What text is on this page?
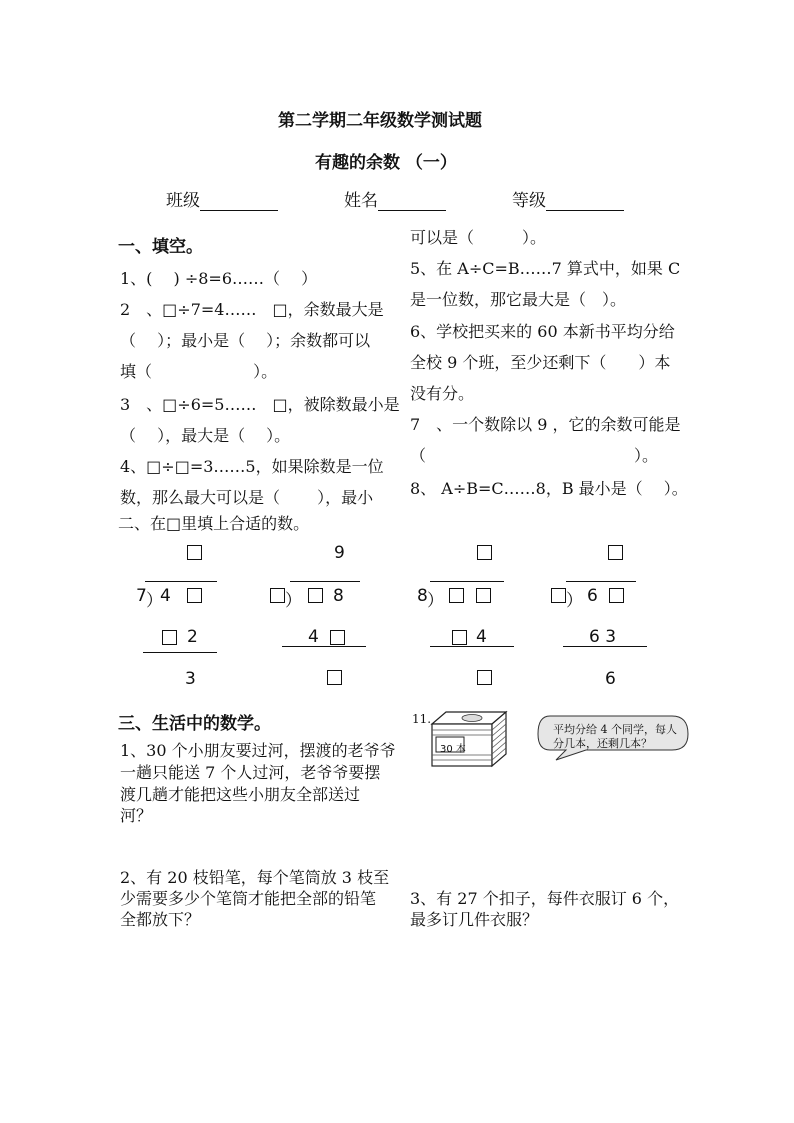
第二学期二年级数学测试题
有趣的余数 （一）
班级	姓名	等级
一、填空。
1、(　 ) ÷8=6……（ 　）
2　、□÷7=4……　□，余数最大是
（　 ）；最小是（　 ）；余数都可以
填（　　　　　　 ）。
3　、□÷6=5……　□，被除数最小是
（　 ），最大是（　 ）。
4、□÷□=3……5，如果除数是一位
数，那么最大可以是（　　 ），最小
可以是（　　　）。
5、在 A÷C=B……7 算式中，如果 C
是一位数，那它最大是（　）。
6、学校把买来的 60 本新书平均分给
全校 9 个班，至少还剩下（　　）本
没有分。
7　、一个数除以 9 ，它的余数可能是
（　　　　　　　　　　　　　）。
8、 A÷B=C……8，B 最小是（　 ）。
二、在□里填上合适的数。
7 ）
4
2
3
9
） 8
4
8 ）
4
） 6
6 3
6
三、生活中的数学。
1、30 个小朋友要过河，摆渡的老爷爷
一趟只能送 7 个人过河，老爷爷要摆
渡几趟才能把这些小朋友全部送过
河？
11.
30 本
平均分给 4 个同学，每人
分几本，还剩几本？
2、有 20 枝铅笔，每个笔筒放 3 枝至
少需要多少个笔筒才能把全部的铅笔
全都放下？
3、有 27 个扣子，每件衣服订 6 个，
最多订几件衣服？
